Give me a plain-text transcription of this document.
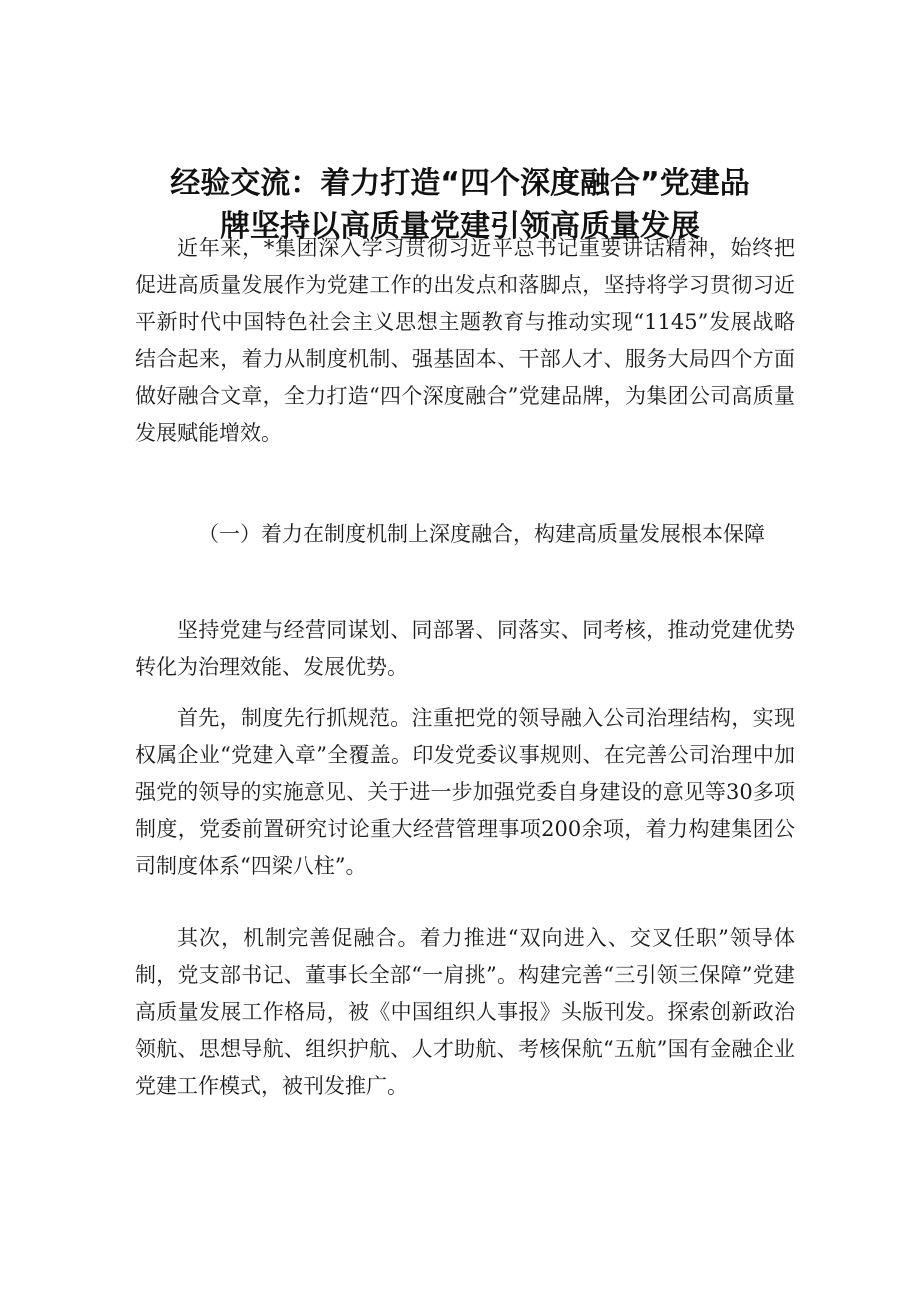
经验交流：着力打造“四个深度融合”党建品
牌坚持以高质量党建引领高质量发展

近年来，*集团深入学习贯彻习近平总书记重要讲话精神，始终把促进高质量发展作为党建工作的出发点和落脚点，坚持将学习贯彻习近平新时代中国特色社会主义思想主题教育与推动实现“1145”发展战略结合起来，着力从制度机制、强基固本、干部人才、服务大局四个方面做好融合文章，全力打造“四个深度融合”党建品牌，为集团公司高质量发展赋能增效。

（一）着力在制度机制上深度融合，构建高质量发展根本保障

坚持党建与经营同谋划、同部署、同落实、同考核，推动党建优势转化为治理效能、发展优势。

首先，制度先行抓规范。注重把党的领导融入公司治理结构，实现权属企业“党建入章”全覆盖。印发党委议事规则、在完善公司治理中加强党的领导的实施意见、关于进一步加强党委自身建设的意见等30多项制度，党委前置研究讨论重大经营管理事项200余项，着力构建集团公司制度体系“四梁八柱”。

其次，机制完善促融合。着力推进“双向进入、交叉任职”领导体制，党支部书记、董事长全部“一肩挑”。构建完善“三引领三保障”党建高质量发展工作格局，被《中国组织人事报》头版刊发。探索创新政治领航、思想导航、组织护航、人才助航、考核保航“五航”国有金融企业党建工作模式，被刊发推广。
